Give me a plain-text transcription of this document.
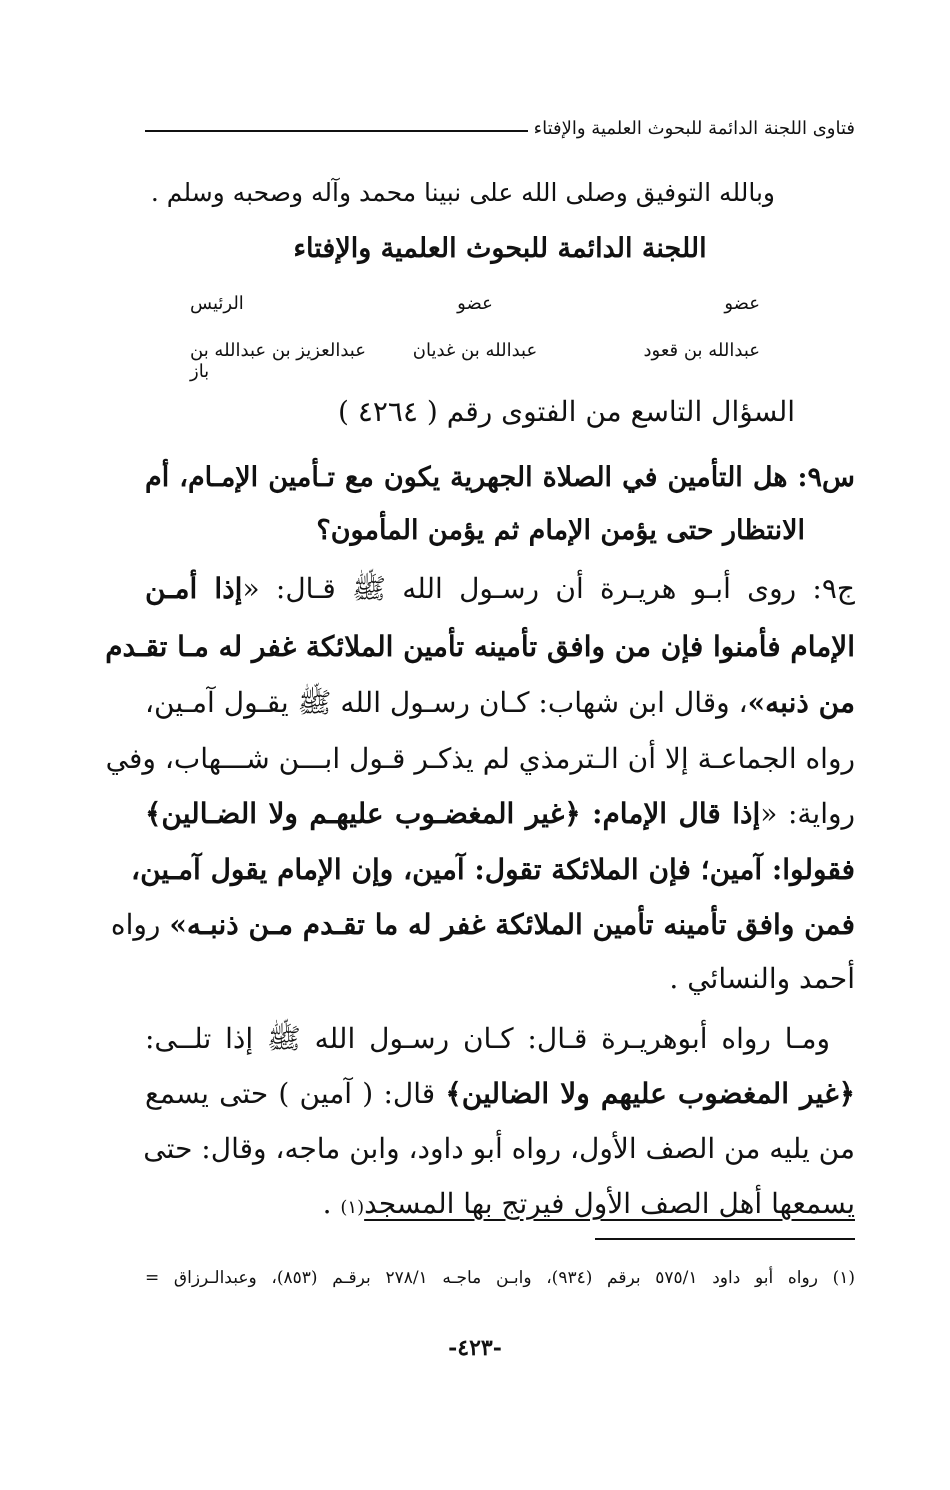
فتاوى اللجنة الدائمة للبحوث العلمية والإفتاء
وبالله التوفيق وصلى الله على نبينا محمد وآله وصحبه وسلم .
اللجنة الدائمة للبحوث العلمية والإفتاء
عضو
عضو
الرئيس
عبدالله بن قعود
عبدالله بن غديان
عبدالعزيز بن عبدالله بن باز
السؤال التاسع من الفتوى رقم ( ٤٢٦٤ )
س٩: هل التأمين في الصلاة الجهرية يكون مع تـأمين الإمـام، أم
الانتظار حتى يؤمن الإمام ثم يؤمن المأمون؟
ج٩: روى أبـو هريـرة أن رسـول الله ﷺ قـال: «إذا أمـن
الإمام فأمنوا فإن من وافق تأمينه تأمين الملائكة غفر له مـا تقـدم
من ذنبه»، وقال ابن شهاب: كـان رسـول الله ﷺ يقـول آمـين،
رواه الجماعـة إلا أن الـترمذي لم يذكـر قـول ابـــن شـــهاب، وفي
رواية: «إذا قال الإمام: ﴿غير المغضـوب عليهـم ولا الضـالين﴾
فقولوا: آمين؛ فإن الملائكة تقول: آمين، وإن الإمام يقول آمـين،
فمن وافق تأمينه تأمين الملائكة غفر له ما تقـدم مـن ذنبـه» رواه
أحمد والنسائي .
ومـا رواه أبوهريـرة قـال: كـان رسـول الله ﷺ إذا تلــى:
﴿غير المغضوب عليهم ولا الضالين﴾ قال: ( آمين ) حتى يسمع
من يليه من الصف الأول، رواه أبو داود، وابن ماجه، وقال: حتى
يسمعها أهل الصف الأول فيرتج بها المسجد(١) .
(١) رواه أبو داود ٥٧٥/١ برقم (٩٣٤)، وابـن ماجـه ٢٧٨/١ برقـم (٨٥٣)، وعبدالـرزاق =
-٤٢٣-
